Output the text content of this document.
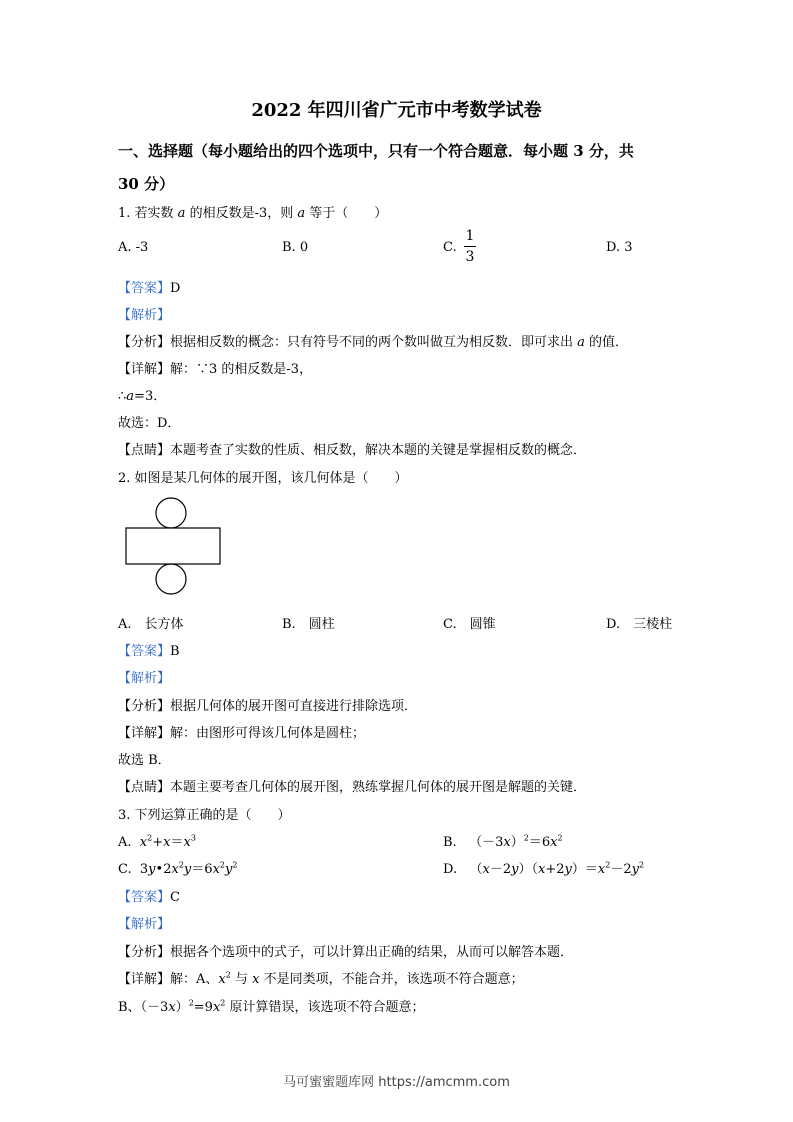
2022 年四川省广元市中考数学试卷
一、选择题（每小题给出的四个选项中，只有一个符合题意．每小题 3 分，共
30 分）
1. 若实数 a 的相反数是-3，则 a 等于（　　）
A. -3	B. 0	C.
1
3
D. 3
【答案】D
【解析】
【分析】根据相反数的概念：只有符号不同的两个数叫做互为相反数．即可求出 a 的值．
【详解】解：∵3 的相反数是-3，
∴a=3．
故选：D．
【点睛】本题考查了实数的性质、相反数，解决本题的关键是掌握相反数的概念．
2. 如图是某几何体的展开图，该几何体是（　　）
A.　长方体	B.　圆柱	C.　圆锥	D.　三棱柱
【答案】B
【解析】
【分析】根据几何体的展开图可直接进行排除选项．
【详解】解：由图形可得该几何体是圆柱；
故选 B．
【点睛】本题主要考查几何体的展开图，熟练掌握几何体的展开图是解题的关键．
3. 下列运算正确的是（　　）
A. $x^2+x=x^3$	B.   $(-3x)^2=6x^2$
C.  $3y•2x^2y=6x^2y^2$	D.   $(x-2y)(x+2y)=x^2-2y^2$
【答案】C
【解析】
【分析】根据各个选项中的式子，可以计算出正确的结果，从而可以解答本题．
【详解】解：A、$x^2$ 与 x 不是同类项，不能合并，该选项不符合题意；
B、$(-3x)^2=9x^2$ 原计算错误，该选项不符合题意；
马可蜜蜜题库网 https://amcmm.com
